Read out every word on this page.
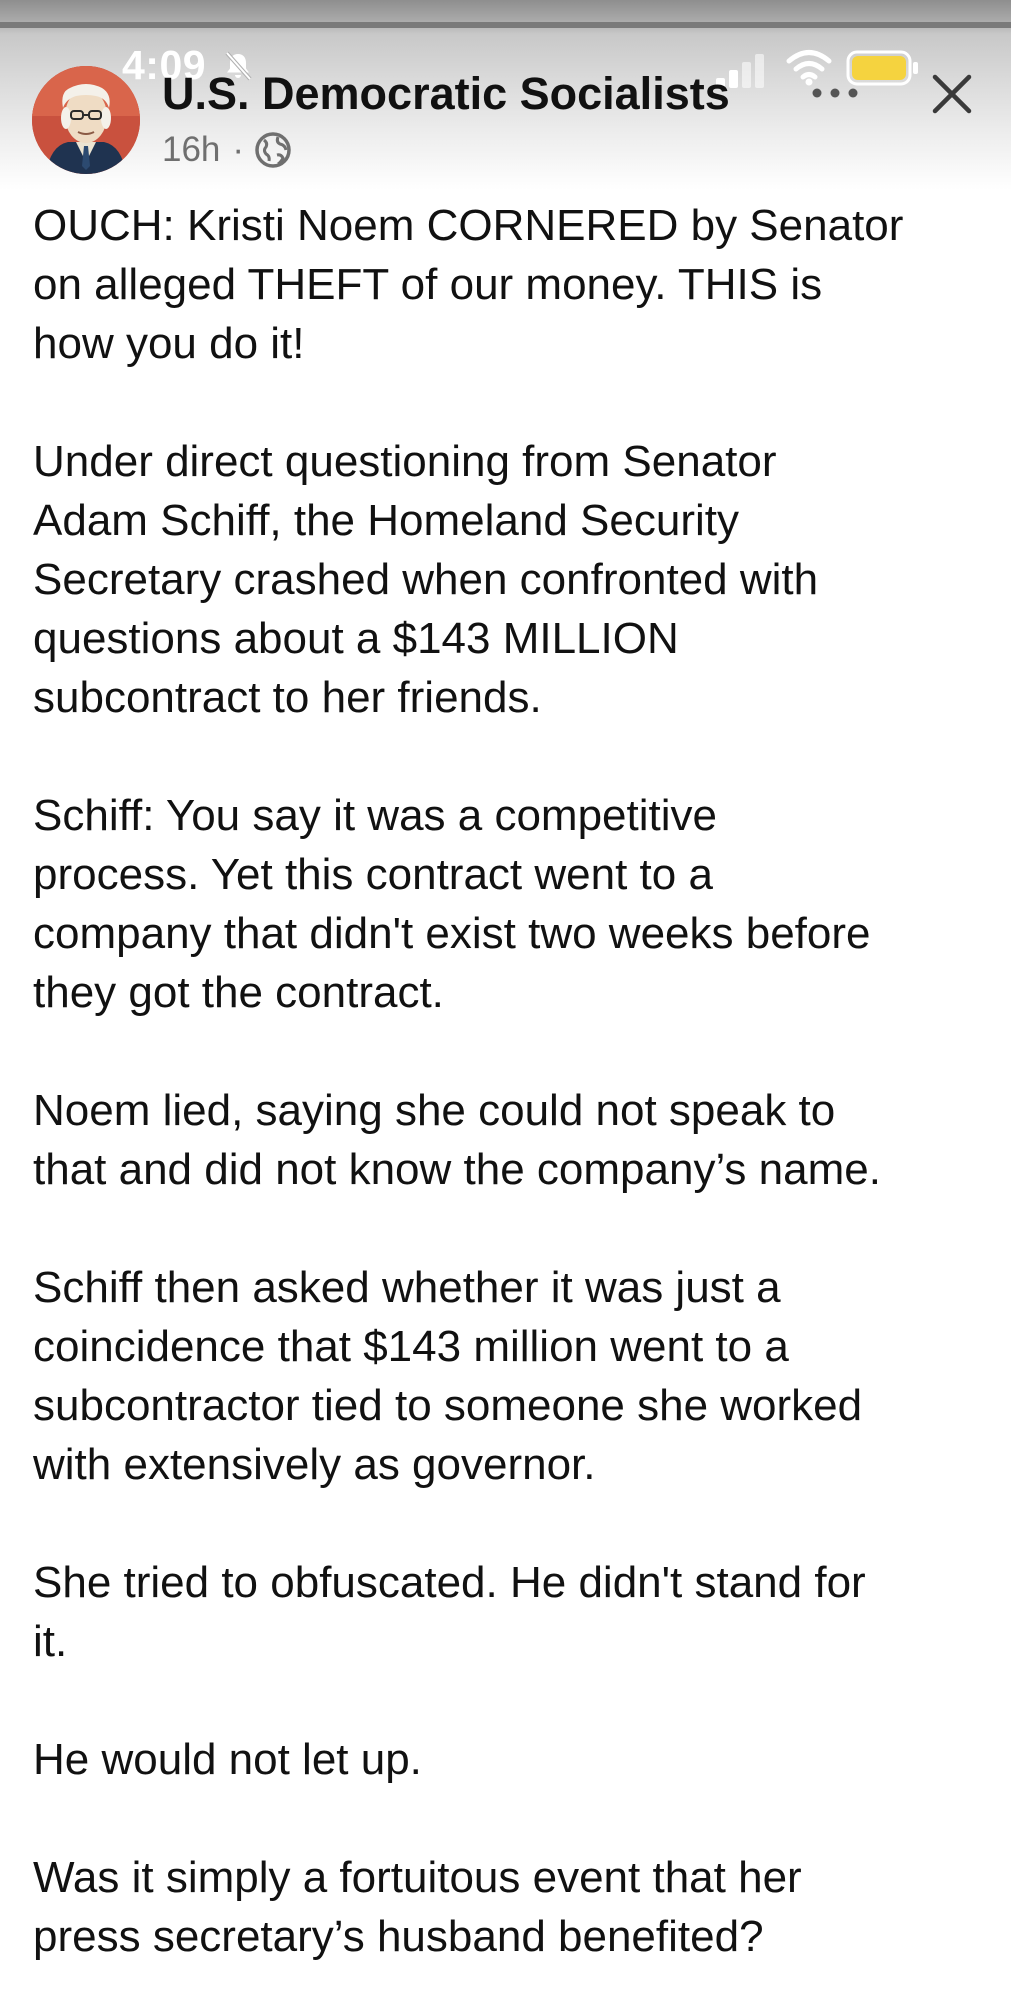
4:09
U.S. Democratic Socialists
16h ·

OUCH: Kristi Noem CORNERED by Senator
on alleged THEFT of our money. THIS is
how you do it!

Under direct questioning from Senator
Adam Schiff, the Homeland Security
Secretary crashed when confronted with
questions about a $143 MILLION
subcontract to her friends.

Schiff: You say it was a competitive
process. Yet this contract went to a
company that didn't exist two weeks before
they got the contract.

Noem lied, saying she could not speak to
that and did not know the company’s name.

Schiff then asked whether it was just a
coincidence that $143 million went to a
subcontractor tied to someone she worked
with extensively as governor.

She tried to obfuscated. He didn't stand for
it.

He would not let up.

Was it simply a fortuitous event that her
press secretary’s husband benefited?
